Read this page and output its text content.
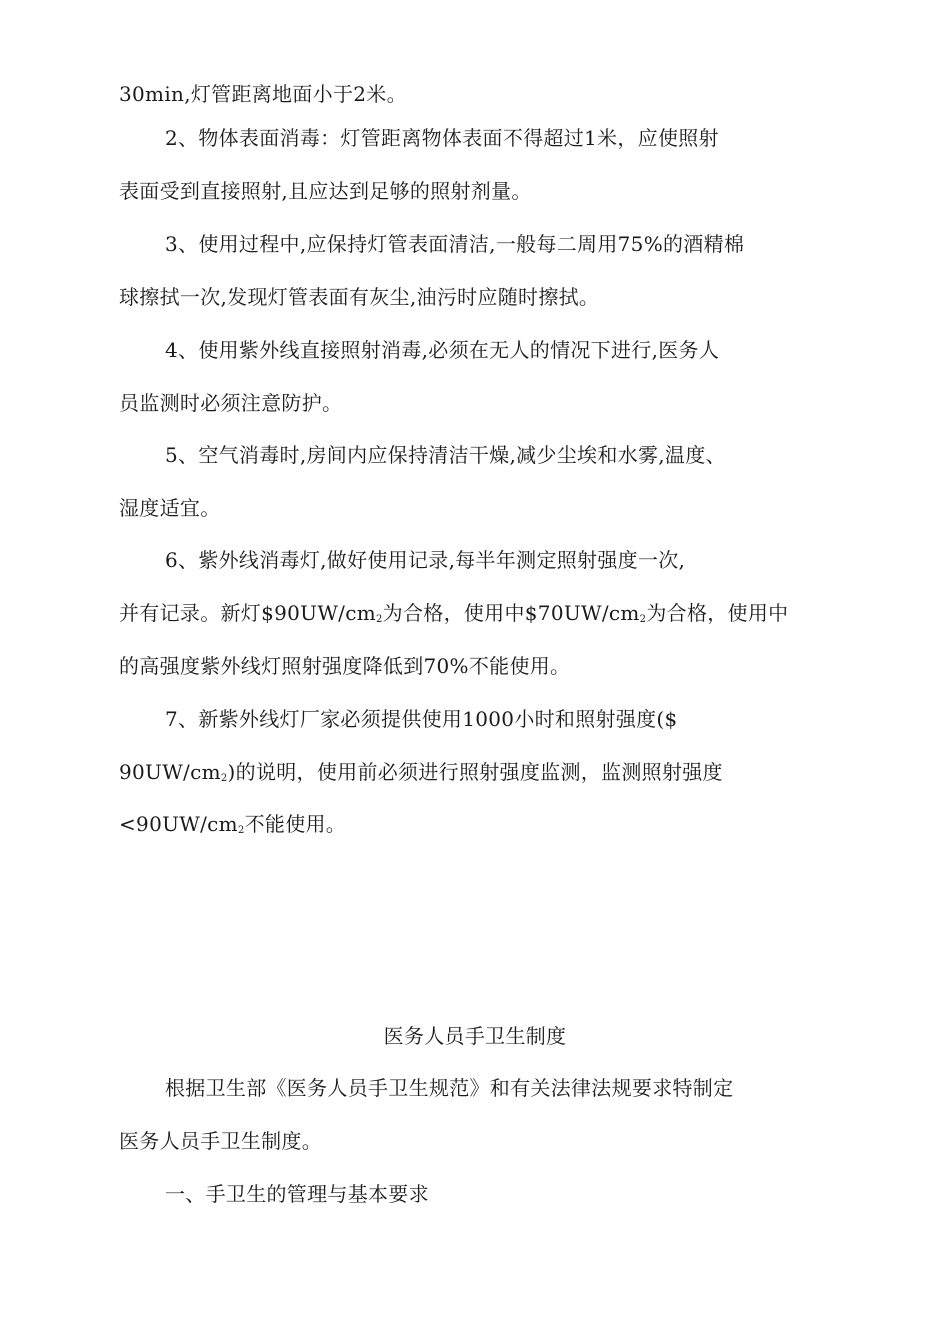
30min,灯管距离地面小于2米。
2、物体表面消毒：灯管距离物体表面不得超过1米，应使照射
表面受到直接照射,且应达到足够的照射剂量。
3、使用过程中,应保持灯管表面清洁,一般每二周用75%的酒精棉
球擦拭一次,发现灯管表面有灰尘,油污时应随时擦拭。
4、使用紫外线直接照射消毒,必须在无人的情况下进行,医务人
员监测时必须注意防护。
5、空气消毒时,房间内应保持清洁干燥,减少尘埃和水雾,温度、
湿度适宜。
6、紫外线消毒灯,做好使用记录,每半年测定照射强度一次,
并有记录。新灯$\$90UW/cm_2$为合格，使用中$\$70UW/cm_2$为合格，使用中
的高强度紫外线灯照射强度降低到70%不能使用。
7、新紫外线灯厂家必须提供使用1000小时和照射强度($
$90UW/cm_2$)的说明，使用前必须进行照射强度监测，监测照射强度
$<90UW/cm_2$不能使用。
医务人员手卫生制度
根据卫生部《医务人员手卫生规范》和有关法律法规要求特制定
医务人员手卫生制度。
一、手卫生的管理与基本要求
